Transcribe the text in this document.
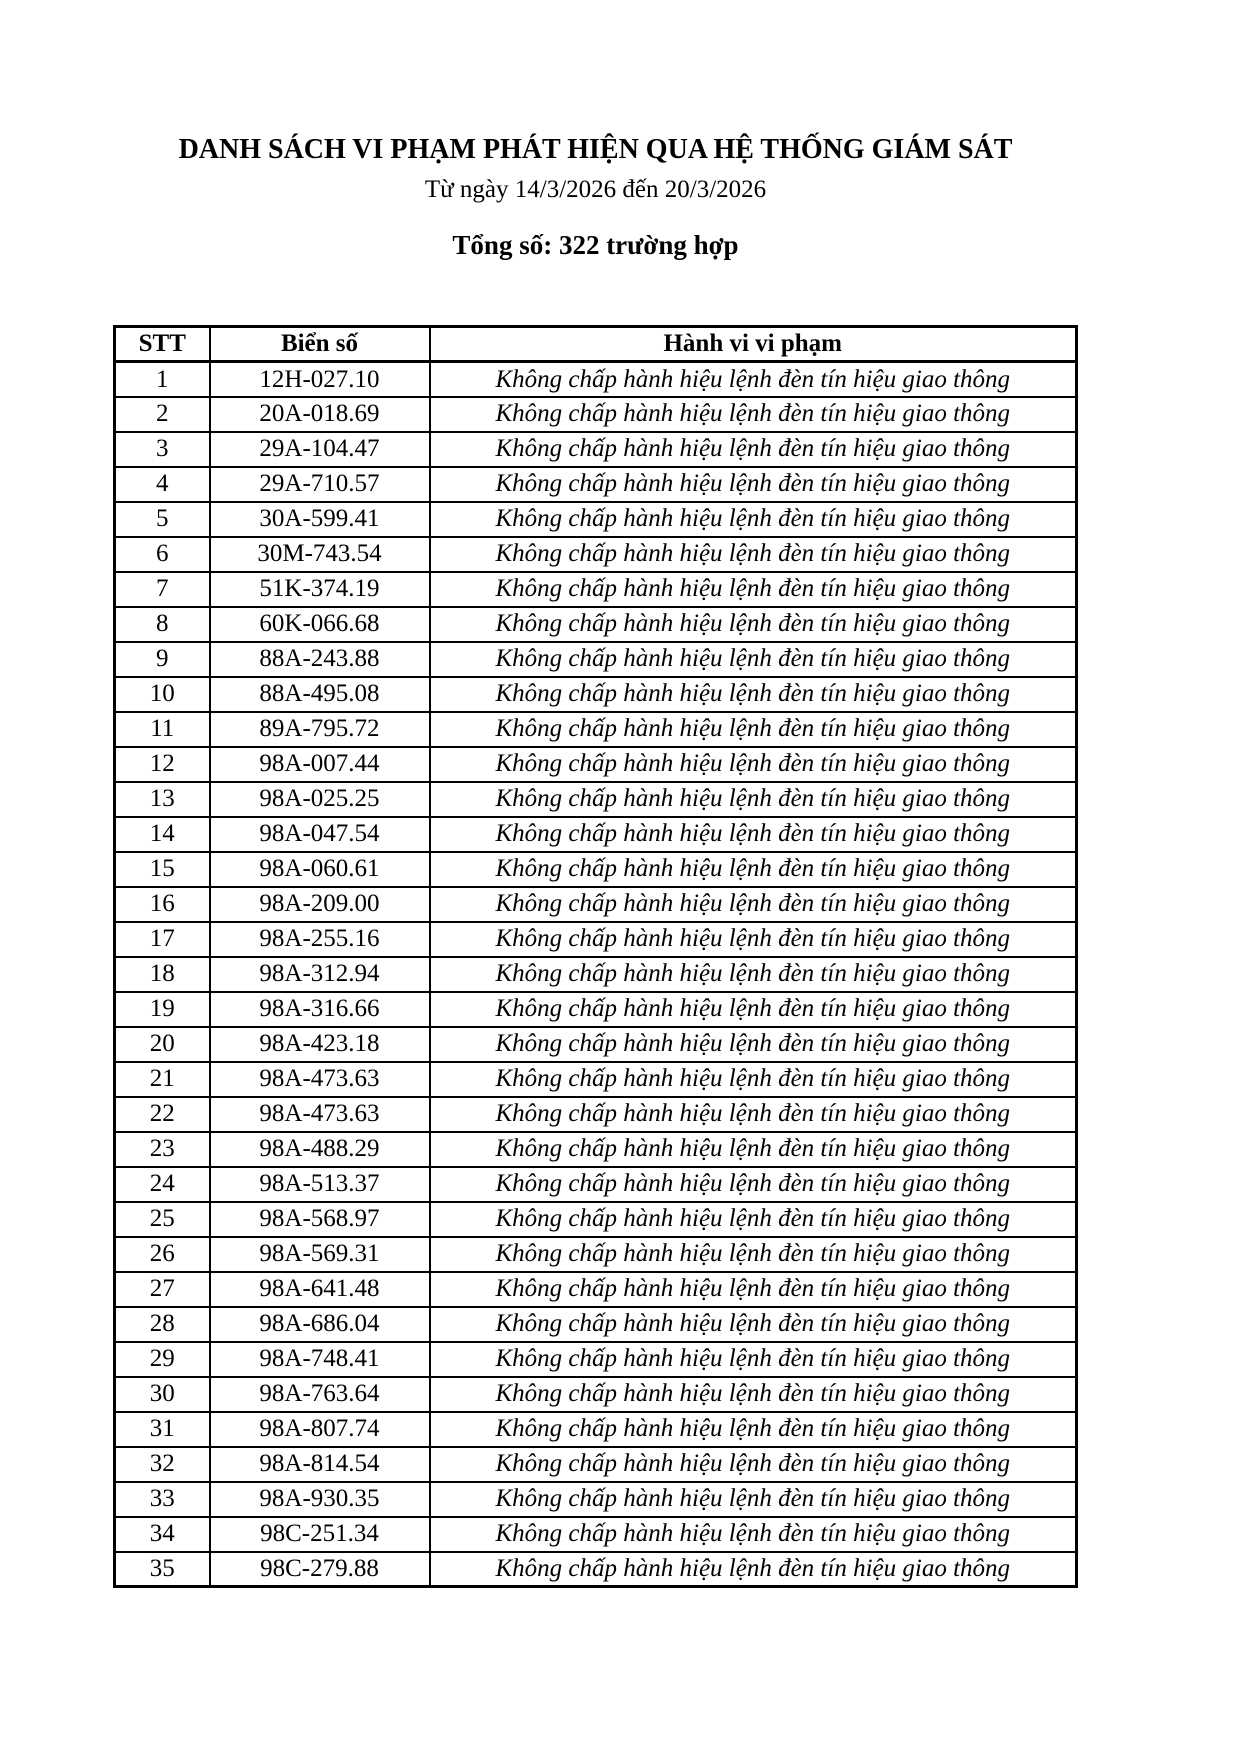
DANH SÁCH VI PHẠM PHÁT HIỆN QUA HỆ THỐNG GIÁM SÁT
Từ ngày 14/3/2026 đến 20/3/2026
Tổng số: 322 trường hợp
STT	Biển số	Hành vi vi phạm
1	12H-027.10	Không chấp hành hiệu lệnh đèn tín hiệu giao thông
2	20A-018.69	Không chấp hành hiệu lệnh đèn tín hiệu giao thông
3	29A-104.47	Không chấp hành hiệu lệnh đèn tín hiệu giao thông
4	29A-710.57	Không chấp hành hiệu lệnh đèn tín hiệu giao thông
5	30A-599.41	Không chấp hành hiệu lệnh đèn tín hiệu giao thông
6	30M-743.54	Không chấp hành hiệu lệnh đèn tín hiệu giao thông
7	51K-374.19	Không chấp hành hiệu lệnh đèn tín hiệu giao thông
8	60K-066.68	Không chấp hành hiệu lệnh đèn tín hiệu giao thông
9	88A-243.88	Không chấp hành hiệu lệnh đèn tín hiệu giao thông
10	88A-495.08	Không chấp hành hiệu lệnh đèn tín hiệu giao thông
11	89A-795.72	Không chấp hành hiệu lệnh đèn tín hiệu giao thông
12	98A-007.44	Không chấp hành hiệu lệnh đèn tín hiệu giao thông
13	98A-025.25	Không chấp hành hiệu lệnh đèn tín hiệu giao thông
14	98A-047.54	Không chấp hành hiệu lệnh đèn tín hiệu giao thông
15	98A-060.61	Không chấp hành hiệu lệnh đèn tín hiệu giao thông
16	98A-209.00	Không chấp hành hiệu lệnh đèn tín hiệu giao thông
17	98A-255.16	Không chấp hành hiệu lệnh đèn tín hiệu giao thông
18	98A-312.94	Không chấp hành hiệu lệnh đèn tín hiệu giao thông
19	98A-316.66	Không chấp hành hiệu lệnh đèn tín hiệu giao thông
20	98A-423.18	Không chấp hành hiệu lệnh đèn tín hiệu giao thông
21	98A-473.63	Không chấp hành hiệu lệnh đèn tín hiệu giao thông
22	98A-473.63	Không chấp hành hiệu lệnh đèn tín hiệu giao thông
23	98A-488.29	Không chấp hành hiệu lệnh đèn tín hiệu giao thông
24	98A-513.37	Không chấp hành hiệu lệnh đèn tín hiệu giao thông
25	98A-568.97	Không chấp hành hiệu lệnh đèn tín hiệu giao thông
26	98A-569.31	Không chấp hành hiệu lệnh đèn tín hiệu giao thông
27	98A-641.48	Không chấp hành hiệu lệnh đèn tín hiệu giao thông
28	98A-686.04	Không chấp hành hiệu lệnh đèn tín hiệu giao thông
29	98A-748.41	Không chấp hành hiệu lệnh đèn tín hiệu giao thông
30	98A-763.64	Không chấp hành hiệu lệnh đèn tín hiệu giao thông
31	98A-807.74	Không chấp hành hiệu lệnh đèn tín hiệu giao thông
32	98A-814.54	Không chấp hành hiệu lệnh đèn tín hiệu giao thông
33	98A-930.35	Không chấp hành hiệu lệnh đèn tín hiệu giao thông
34	98C-251.34	Không chấp hành hiệu lệnh đèn tín hiệu giao thông
35	98C-279.88	Không chấp hành hiệu lệnh đèn tín hiệu giao thông
